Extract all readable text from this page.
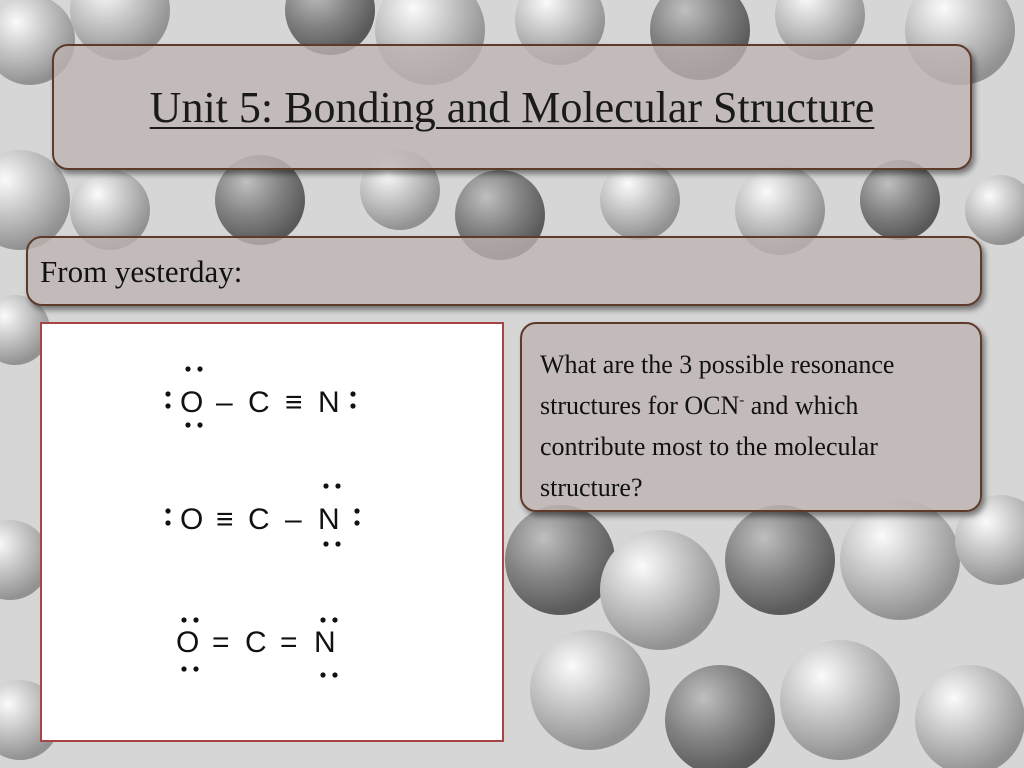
Unit 5: Bonding and Molecular Structure
From yesterday:
O – C ≡ N
O ≡ C – N
O = C = N
What are the 3 possible resonance structures for OCN- and which contribute most to the molecular structure?
